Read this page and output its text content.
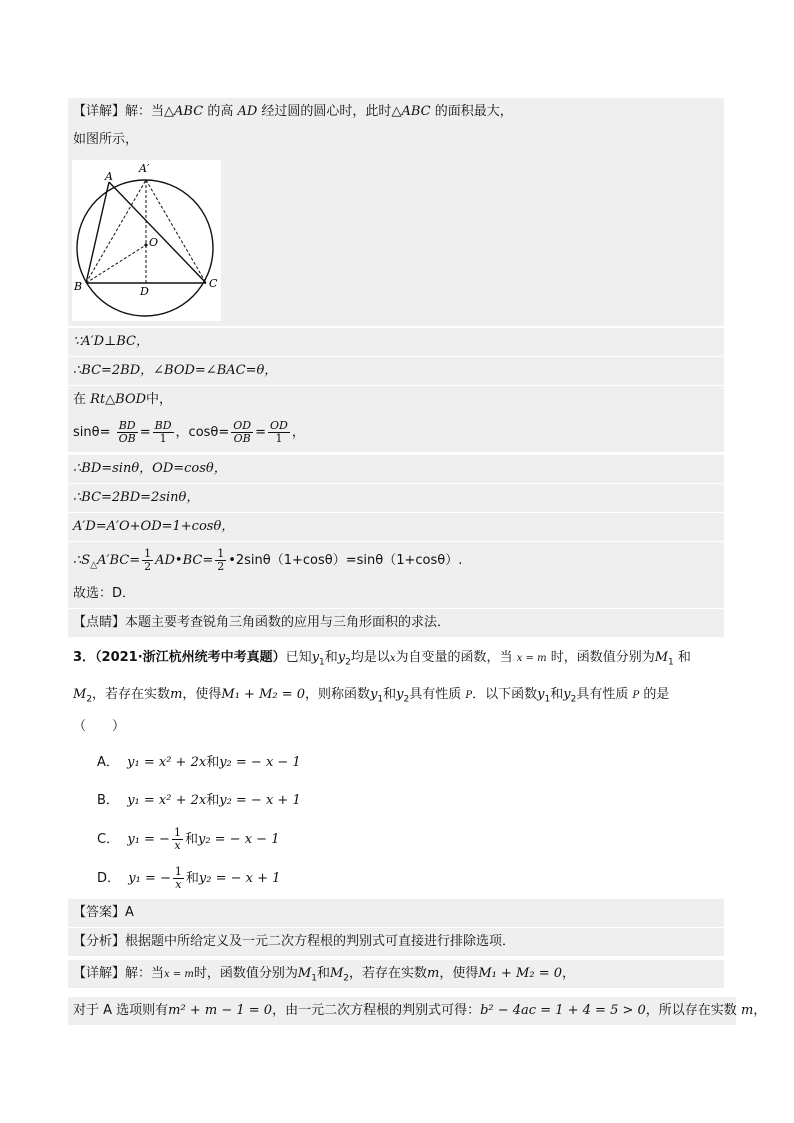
【详解】解：当△ABC 的高 AD 经过圆的圆心时，此时△ABC 的面积最大，
如图所示，
A
A′
O
B	D
C
∵A′D⊥BC，
∴BC=2BD，∠BOD=∠BAC=θ，
在 Rt△BOD中，
$\sin\theta= \frac{BD}{OB} = \frac{BD}{1}$ ，$\cos\theta= \frac{OD}{OB} = \frac{OD}{1}$ ，
∴BD=sinθ，OD=cosθ，
∴BC=2BD=2sinθ，
A′D=A′O+OD=1+cosθ，
$\therefore S_\triangle A'BC= \frac{1}{2}$ AD•BC= $\frac{1}{2}$ •2sinθ（1+cosθ）=sinθ（1+cosθ）.
故选：D．
【点睛】本题主要考查锐角三角函数的应用与三角形面积的求法．
3．（2021·浙江杭州统考中考真题）已知$y_1$和$y_2$均是以x为自变量的函数，当 x = m 时，函数值分别为$M_1$ 和
$M_2$，若存在实数m，使得M₁ + M₂ = 0，则称函数$y_1$和$y_2$具有性质 P．以下函数$y_1$和$y_2$具有性质 P 的是
（　　）
A． y₁ = x² + 2x和y₂ = − x − 1
B． y₁ = x² + 2x和y₂ = − x + 1
C． y₁ = − $\frac{1}{x}$ 和y₂ = − x − 1
D． y₁ = − $\frac{1}{x}$ 和y₂ = − x + 1
【答案】A
【分析】根据题中所给定义及一元二次方程根的判别式可直接进行排除选项．
【详解】解：当x = m时，函数值分别为$M_1$和$M_2$，若存在实数m，使得M₁ + M₂ = 0，
对于 A 选项则有m² + m − 1 = 0，由一元二次方程根的判别式可得：b² − 4ac = 1 + 4 = 5 > 0，所以存在实数 m，
